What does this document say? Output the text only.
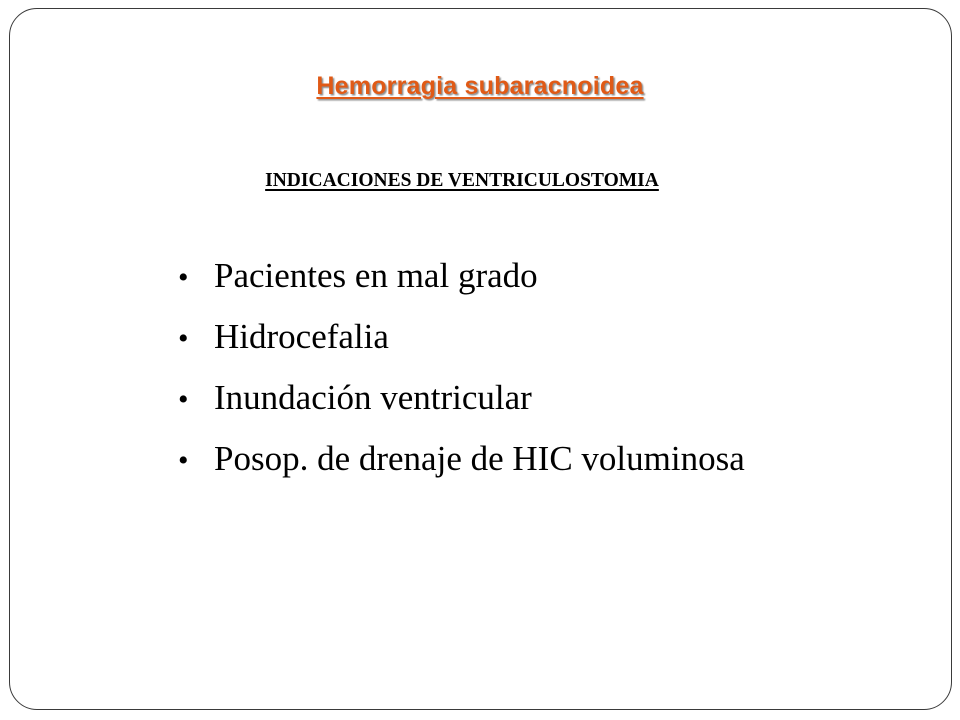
Hemorragia subaracnoidea
INDICACIONES DE VENTRICULOSTOMIA
• Pacientes en mal grado
• Hidrocefalia
• Inundación ventricular
• Posop. de drenaje de HIC voluminosa
